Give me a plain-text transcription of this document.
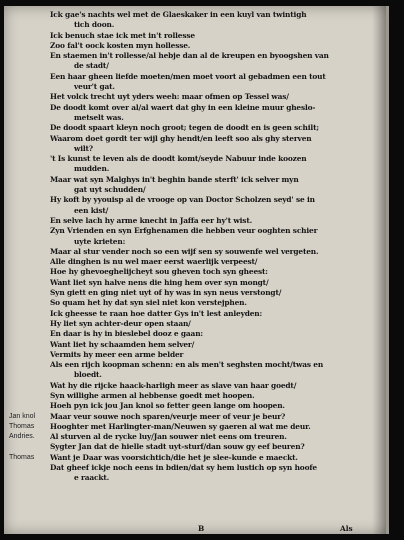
Ick gae's nachts wel met de Glaeskaker in een kuyl van twintigh
tich doon.
Ick benuch stae ick met in't rollesse
Zoo fal't oock kosten myn hollesse.
En staemen in't rollesse/al hebje dan al de kreupen en byoogshen van
de stadt/
Een haar gheen liefde moeten/men moet voort al gebadmen een tout
veur't gat.
Het volck trecht uyt yders weeh: maar ofmen op Tessel was/
De doodt komt over al/al waert dat ghy in een kleine muur gheslo-
metselt was.
De doodt spaart kleyn noch groot; tegen de doodt en is geen schilt;
Waarom doet gordt ter wijl ghy hendt/en leeft soo als ghy sterven
wilt?
't Is kunst te leven als de doodt komt/seyde Nabuur inde koozen
mudden.
Maar wat syn Malghys in't beghin bande sterft' ick selver myn
gat uyt schudden/
Hy koft by yyouisp al de vrooge op van Doctor Scholzen seyd' se in
een kist/
En selve lach hy arme knecht in Jaffa eer hy't wist.
Zyn Vrienden en syn Erfghenamen die hebben veur ooghten schier
uyte krieten:
Maar al stur vender noch so een wijf sen sy souwenfe wel vergeten.
Alle dinghen is nu wel maer eerst waerlijk verpeest/
Hoe hy ghevoeghelijcheyt sou gheven toch syn gheest:
Want liet syn halve nens die hing hem over syn mongt/
Syn giett en ging niet uyt of hy was in syn neus verstongt/
So quam het hy dat syn siel niet kon verstejphen.
Ick gheesse te raan hoe datter Gys in't lest anleyden:
Hy liet syn achter-deur open staan/
En daar is hy in bieslebel dooz e gaan:
Want liet hy schaamden hem selver/
Vermits hy meer een arme belder
Als een rijch koopman schenn: en als men't seghsten mocht/twas en
bloedt.
Wat hy die rijcke haack-harligh meer as slave van haar goedt/
Syn willighe armen al hebbense goedt met hoopen.
Hoeh pyn ick jou Jan knol so fetter geen lange om hoopen.
Maar veur souwe noch sparen/veurje meer of veur je beur?
Hooghter met Harlingter-man/Neuwen sy gaeren al wat me deur.
Al sturven al de rycke luy/Jan souwer niet eens om treuren.
Sygter Jan dat de hielle stadt uyt-sturf/dan souw gy eef beuren?
Want je Daar was voorsichtich/die het je slee-kunde e maeckt.
Dat gheef ickje noch eens in bdien/dat sy hem lustich op syn hoofe
e raackt.
Jan knol
Thomas
Andries.
Thomas
B	Als
